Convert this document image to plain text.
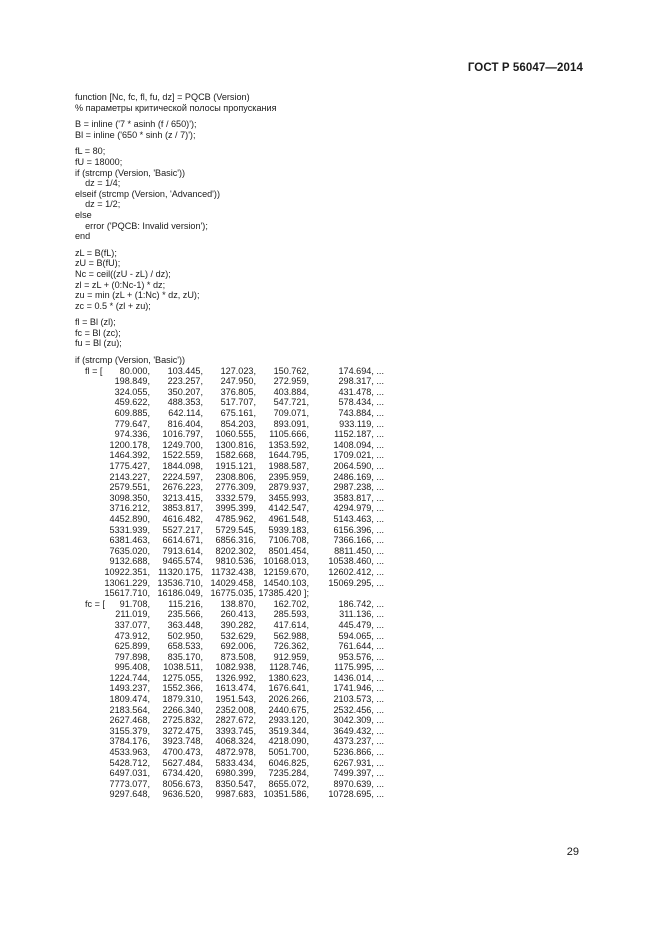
ГОСТ Р 56047—2014
function [Nc, fc, fl, fu, dz] = PQCB (Version)
% параметры критической полосы пропускания
B = inline ('7 * asinh (f / 650)');
Bl = inline ('650 * sinh (z / 7)');
fL = 80;
fU = 18000;
if (strcmp (Version, 'Basic'))
dz = 1/4;
elseif (strcmp (Version, 'Advanced'))
dz = 1/2;
else
error ('PQCB: Invalid version');
end
zL = B(fL);
zU = B(fU);
Nc = ceil((zU - zL) / dz);
zl = zL + (0:Nc-1) * dz;
zu = min (zL + (1:Nc) * dz, zU);
zc = 0.5 * (zl + zu);
fl = Bl (zl);
fc = Bl (zc);
fu = Bl (zu);
if (strcmp (Version, 'Basic'))
fl = [	80.000,	103.445,	127.023,	150.762,	174.694, ...
198.849,	223.257,	247.950,	272.959,	298.317, ...
324.055,	350.207,	376.805,	403.884,	431.478, ...
459.622,	488.353,	517.707,	547.721,	578.434, ...
609.885,	642.114,	675.161,	709.071,	743.884, ...
779.647,	816.404,	854.203,	893.091,	933.119, ...
974.336,	1016.797,	1060.555,	1105.666,	1152.187, ...
1200.178,	1249.700,	1300.816,	1353.592,	1408.094, ...
1464.392,	1522.559,	1582.668,	1644.795,	1709.021, ...
1775.427,	1844.098,	1915.121,	1988.587,	2064.590, ...
2143.227,	2224.597,	2308.806,	2395.959,	2486.169, ...
2579.551,	2676.223,	2776.309,	2879.937,	2987.238, ...
3098.350,	3213.415,	3332.579,	3455.993,	3583.817, ...
3716.212,	3853.817,	3995.399,	4142.547,	4294.979, ...
4452.890,	4616.482,	4785.962,	4961.548,	5143.463, ...
5331.939,	5527.217,	5729.545,	5939.183,	6156.396, ...
6381.463,	6614.671,	6856.316,	7106.708,	7366.166, ...
7635.020,	7913.614,	8202.302,	8501.454,	8811.450, ...
9132.688,	9465.574,	9810.536, 10168.013,	10538.460, ...
10922.351, 11320.175, 11732.438, 12159.670,	12602.412, ...
13061.229, 13536.710, 14029.458, 14540.103,	15069.295, ...
15617.710, 16186.049, 16775.035, 17385.420 ];
fc = [	91.708,	115.216,	138.870,	162.702,	186.742, ...
211.019,	235.566,	260.413,	285.593,	311.136, ...
337.077,	363.448,	390.282,	417.614,	445.479, ...
473.912,	502.950,	532.629,	562.988,	594.065, ...
625.899,	658.533,	692.006,	726.362,	761.644, ...
797.898,	835.170,	873.508,	912.959,	953.576, ...
995.408,	1038.511,	1082.938,	1128.746,	1175.995, ...
1224.744,	1275.055,	1326.992,	1380.623,	1436.014, ...
1493.237,	1552.366,	1613.474,	1676.641,	1741.946, ...
1809.474,	1879.310,	1951.543,	2026.266,	2103.573, ...
2183.564,	2266.340,	2352.008,	2440.675,	2532.456, ...
2627.468,	2725.832,	2827.672,	2933.120,	3042.309, ...
3155.379,	3272.475,	3393.745,	3519.344,	3649.432, ...
3784.176,	3923.748,	4068.324,	4218.090,	4373.237, ...
4533.963,	4700.473,	4872.978,	5051.700,	5236.866, ...
5428.712,	5627.484,	5833.434,	6046.825,	6267.931, ...
6497.031,	6734.420,	6980.399,	7235.284,	7499.397, ...
7773.077,	8056.673,	8350.547,	8655.072,	8970.639, ...
9297.648,	9636.520,	9987.683, 10351.586,	10728.695, ...
29
